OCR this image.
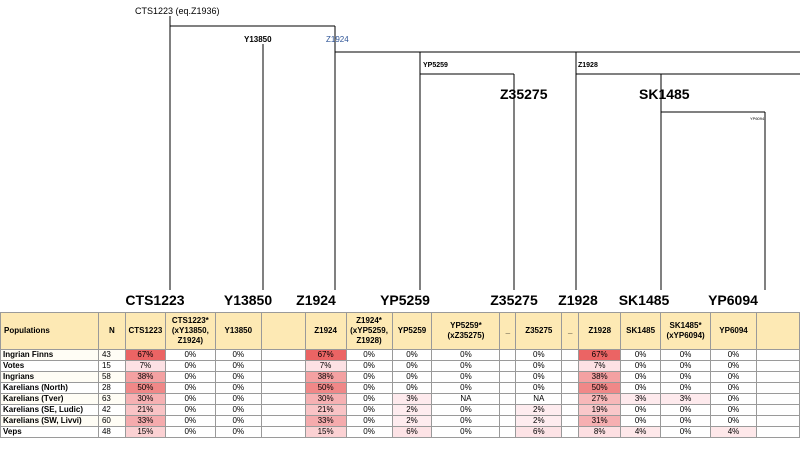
CTS1223 (eq.Z1936)
Y13850	Z1924
YP5259	Z1928
Z35275	SK1485
YP6094
CTS1223	Y13850 Z1924	YP5259	Z35275 Z1928 SK1485	YP6094
Populations	N	CTS1223	CTS1223* (xY13850, Z1924)	Y13850		Z1924	Z1924* (xYP5259, Z1928)	YP5259	YP5259* (xZ35275)	_	Z35275	_	Z1928	SK1485	SK1485* (xYP6094)	YP6094	
Ingrian Finns	43	67%	0%	0%		67%	0%	0%	0%		0%		67%	0%	0%	0%	
Votes	15	7%	0%	0%		7%	0%	0%	0%		0%		7%	0%	0%	0%	
Ingrians	58	38%	0%	0%		38%	0%	0%	0%		0%		38%	0%	0%	0%	
Karelians (North)	28	50%	0%	0%		50%	0%	0%	0%		0%		50%	0%	0%	0%	
Karelians (Tver)	63	30%	0%	0%		30%	0%	3%	NA		NA		27%	3%	3%	0%	
Karelians (SE, Ludic)	42	21%	0%	0%		21%	0%	2%	0%		2%		19%	0%	0%	0%	
Karelians (SW, Livvi)	60	33%	0%	0%		33%	0%	2%	0%		2%		31%	0%	0%	0%	
Veps	48	15%	0%	0%		15%	0%	6%	0%		6%		8%	4%	0%	4%	
